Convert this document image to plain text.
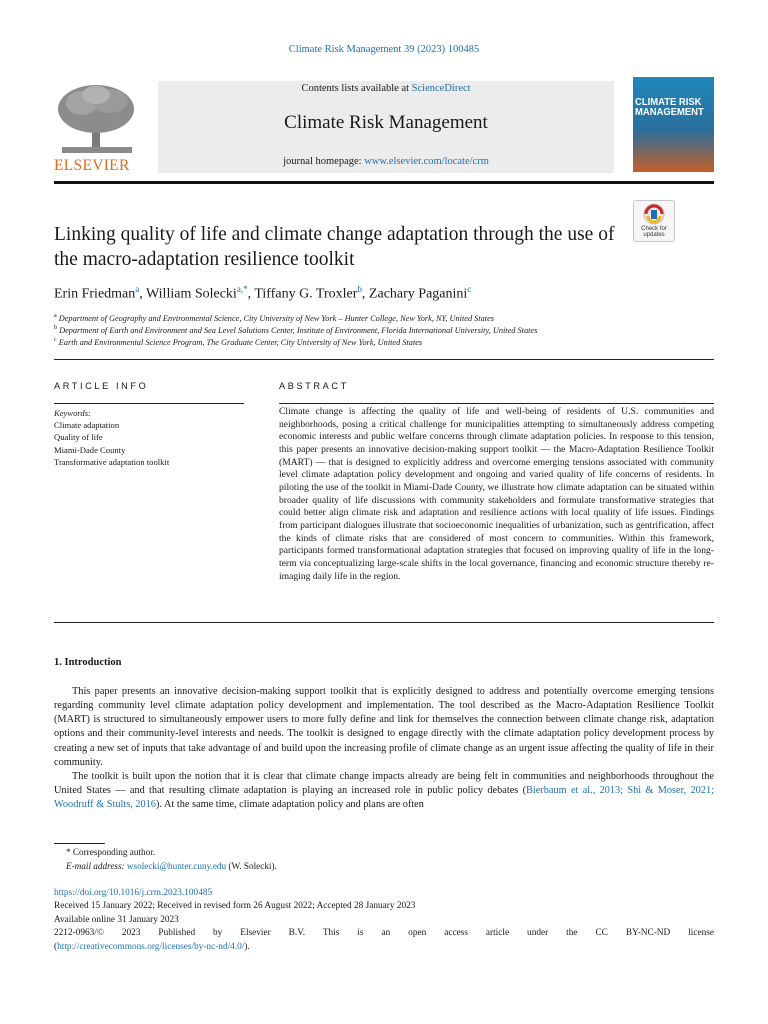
Climate Risk Management 39 (2023) 100485
ELSEVIER
Contents lists available at ScienceDirect
Climate Risk Management
journal homepage: www.elsevier.com/locate/crm
CLIMATE RISK MANAGEMENT
Check for updates
Linking quality of life and climate change adaptation through the use of the macro-adaptation resilience toolkit
Erin Friedman$^a$, William Solecki$^{a,*}$, Tiffany G. Troxler$^b$, Zachary Paganini$^c$
$^a$ Department of Geography and Environmental Science, City University of New York – Hunter College, New York, NY, United States
$^b$ Department of Earth and Environment and Sea Level Solutions Center, Institute of Environment, Florida International University, United States
$^c$ Earth and Environmental Science Program, The Graduate Center, City University of New York, United States
ARTICLE INFO	ABSTRACT
Keywords:
Climate adaptation
Quality of life
Miami-Dade County
Transformative adaptation toolkit
Climate change is affecting the quality of life and well-being of residents of U.S. communities and neighborhoods, posing a critical challenge for municipalities attempting to simultaneously address competing economic interests and public welfare concerns through climate adaptation policies. In response to this tension, this paper presents an innovative decision-making support toolkit — the Macro-Adaptation Resilience Toolkit (MART) — that is designed to explicitly address and overcome emerging tensions associated with community level climate adaptation policy development and ongoing and varied quality of life concerns of residents. In piloting the use of the toolkit in Miami-Dade County, we illustrate how climate adaptation can be situated within broader quality of life discussions with community stakeholders and formulate transformative strategies that could better align climate risk and adaptation and resilience actions with local quality of life issues. Findings from participant dialogues illustrate that socioeconomic inequalities of urbanization, such as gentrification, affect the kinds of climate risks that are considered of most concern to communities. Within this framework, participants formed transformational adaptation strategies that focused on improving quality of life in the long-term via conceptualizing large-scale shifts in the local governance, financing and economic structure thereby re-imaging daily life in the region.
1. Introduction

This paper presents an innovative decision-making support toolkit that is explicitly designed to address and potentially overcome emerging tensions regarding community level climate adaptation policy development and implementation. The tool described as the Macro-Adaptation Resilience Toolkit (MART) is structured to simultaneously empower users to more fully define and link for themselves the connection between climate change risk, adaptation options and their community-level interests and needs. The toolkit is designed to engage directly with the climate adaptation policy development process by creating a new set of inputs that take advantage of and build upon the increasing profile of climate change as an urgent issue affecting the quality of life in their community.

The toolkit is built upon the notion that it is clear that climate change impacts already are being felt in communities and neighborhoods throughout the United States — and that resulting climate adaptation is playing an increased role in public policy debates (Bierbaum et al., 2013; Shi & Moser, 2021; Woodruff & Stults, 2016). At the same time, climate adaptation policy and plans are often

* Corresponding author.
E-mail address: wsolecki@hunter.cuny.edu (W. Solecki).
https://doi.org/10.1016/j.crm.2023.100485
Received 15 January 2022; Received in revised form 26 August 2022; Accepted 28 January 2023
Available online 31 January 2023
2212-0963/© 2023 Published by Elsevier B.V. This is an open access article under the CC BY-NC-ND license
(http://creativecommons.org/licenses/by-nc-nd/4.0/).
